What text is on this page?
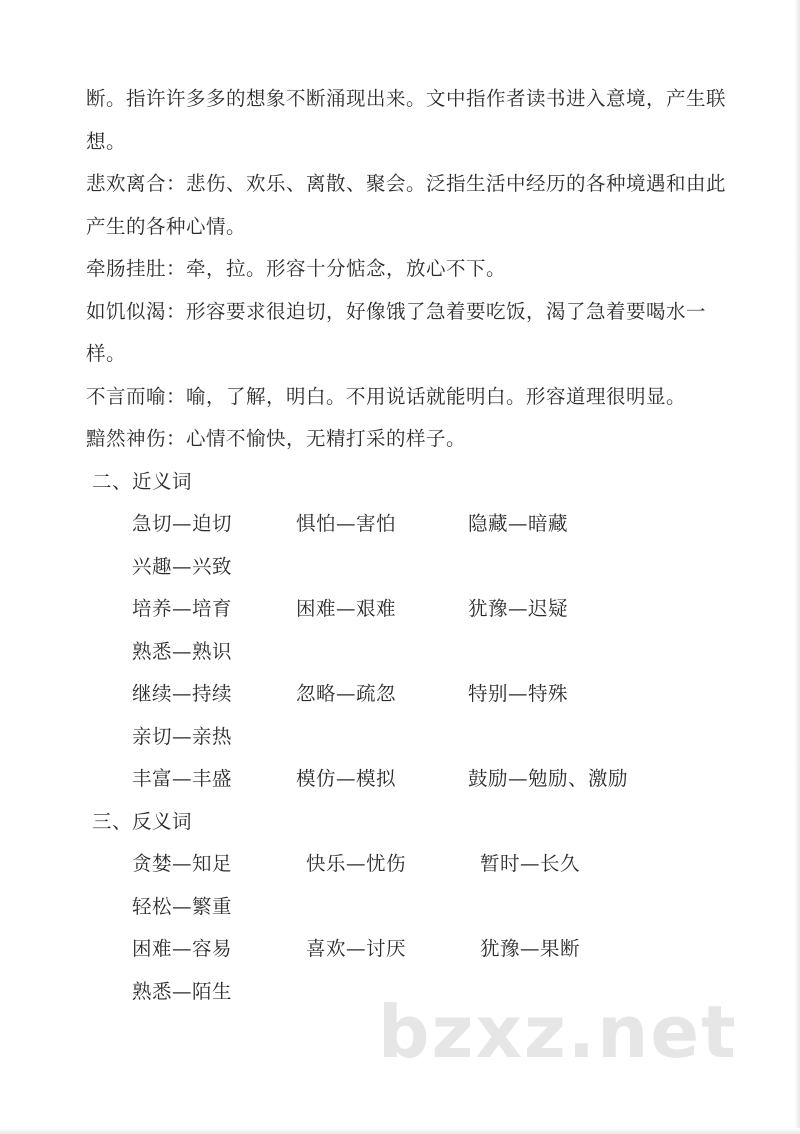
断。指许许多多的想象不断涌现出来。文中指作者读书进入意境，产生联想。

悲欢离合：悲伤、欢乐、离散、聚会。泛指生活中经历的各种境遇和由此产生的各种心情。

牵肠挂肚：牵，拉。形容十分惦念，放心不下。

如饥似渴：形容要求很迫切，好像饿了急着要吃饭，渴了急着要喝水一样。

不言而喻：喻，了解，明白。不用说话就能明白。形容道理很明显。

黯然神伤：心情不愉快，无精打采的样子。

二、近义词

急切—迫切	惧怕—害怕	隐藏—暗藏
兴趣—兴致
培养—培育	困难—艰难	犹豫—迟疑
熟悉—熟识
继续—持续	忽略—疏忽	特别—特殊
亲切—亲热
丰富—丰盛	模仿—模拟	鼓励—勉励、激励

三、反义词

贪婪—知足	快乐—忧伤	暂时—长久
轻松—繁重
困难—容易	喜欢—讨厌	犹豫—果断
熟悉—陌生 bzxz.net
